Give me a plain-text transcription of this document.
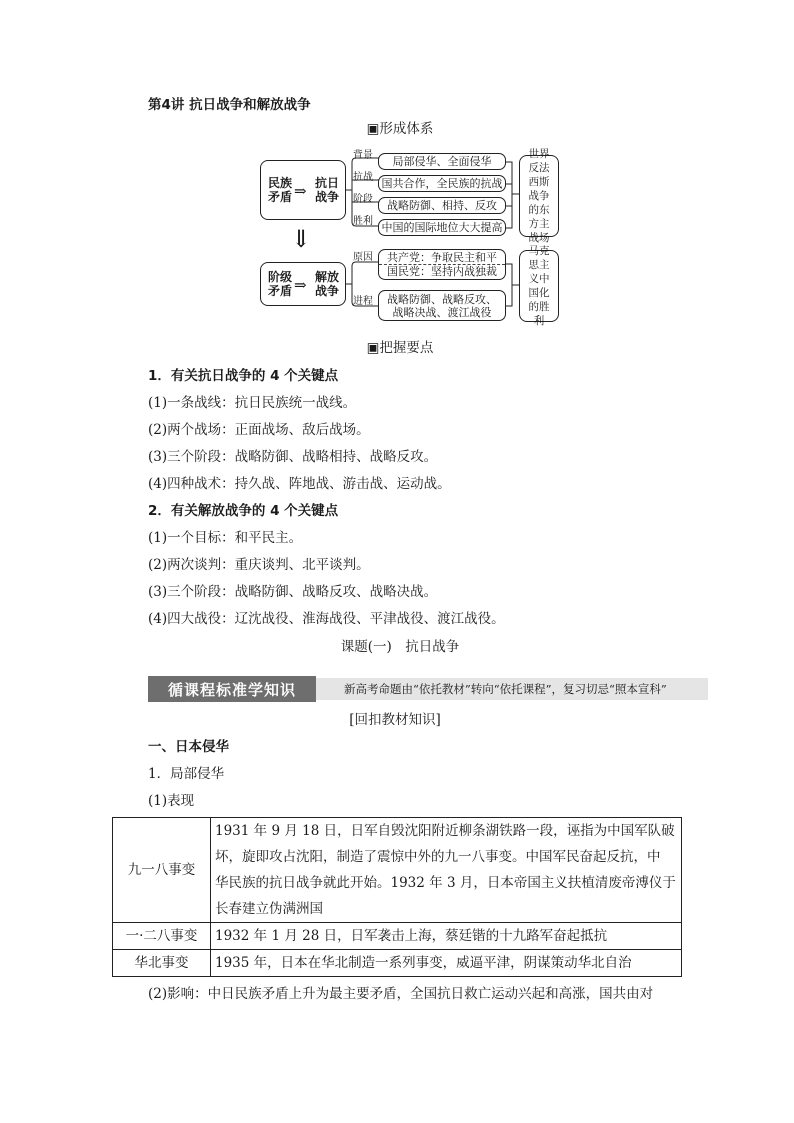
第4讲 抗日战争和解放战争
▣形成体系
民族
矛盾 ⇒ 抗日
战争
背景
抗战
阶段
胜利
局部侵华、全面侵华
国共合作，全民族的抗战
战略防御、相持、反攻
中国的国际地位大大提高
世界反法西斯战争的东方主战场
⇓
阶级
矛盾 ⇒ 解放
战争
原因
进程
共产党：争取民主和平
国民党：坚持内战独裁
战略防御、战略反攻、
战略决战、渡江战役
马克思主义中国化的胜利
▣把握要点
1．有关抗日战争的 4 个关键点
(1)一条战线：抗日民族统一战线。
(2)两个战场：正面战场、敌后战场。
(3)三个阶段：战略防御、战略相持、战略反攻。
(4)四种战术：持久战、阵地战、游击战、运动战。
2．有关解放战争的 4 个关键点
(1)一个目标：和平民主。
(2)两次谈判：重庆谈判、北平谈判。
(3)三个阶段：战略防御、战略反攻、战略决战。
(4)四大战役：辽沈战役、淮海战役、平津战役、渡江战役。
课题(一)　抗日战争
循课程标准学知识	新高考命题由“依托教材”转向“依托课程”，复习切忌“照本宣科”
[回扣教材知识]
一、日本侵华
1．局部侵华
(1)表现
九一八事变	1931 年 9 月 18 日，日军自毁沈阳附近柳条湖铁路一段，诬指为中国军队破
坏，旋即攻占沈阳，制造了震惊中外的九一八事变。中国军民奋起反抗，中
华民族的抗日战争就此开始。1932 年 3 月，日本帝国主义扶植清废帝溥仪于
长春建立伪满洲国

一·二八事变	1932 年 1 月 28 日，日军袭击上海，蔡廷锴的十九路军奋起抵抗
华北事变	1935 年，日本在华北制造一系列事变，威逼平津，阴谋策动华北自治
(2)影响：中日民族矛盾上升为最主要矛盾，全国抗日救亡运动兴起和高涨，国共由对
